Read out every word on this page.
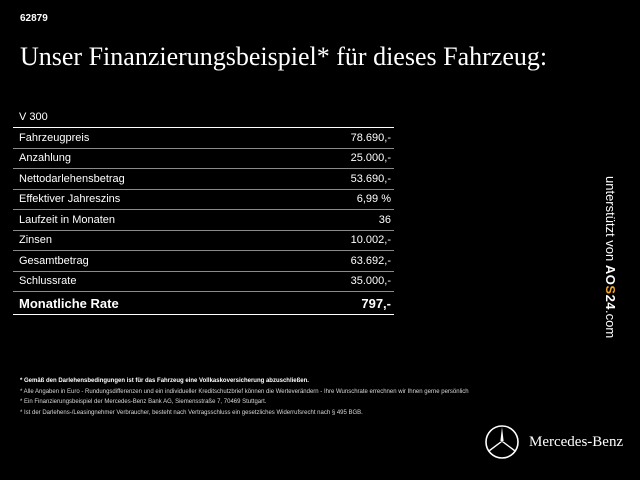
62879
Unser Finanzierungsbeispiel* für dieses Fahrzeug:
V 300
Fahrzeugpreis	78.690,-
Anzahlung	25.000,-
Nettodarlehensbetrag	53.690,-
Effektiver Jahreszins	6,99 %
Laufzeit in Monaten	36
Zinsen	10.002,-
Gesamtbetrag	63.692,-
Schlussrate	35.000,-
Monatliche Rate	797,-
unterstützt von AOS24.com
* Gemäß den Darlehensbedingungen ist für das Fahrzeug eine Vollkaskoversicherung abzuschließen.
* Alle Angaben in Euro - Rundungsdifferenzen und ein individueller Kreditschutzbrief können die Werteverändern - Ihre Wunschrate errechnen wir Ihnen gerne persönlich
* Ein Finanzierungsbeispiel der Mercedes-Benz Bank AG, Siemensstraße 7, 70469 Stuttgart.
* Ist der Darlehens-/Leasingnehmer Verbraucher, besteht nach Vertragsschluss ein gesetzliches Widerrufsrecht nach § 495 BGB.
Mercedes-Benz
